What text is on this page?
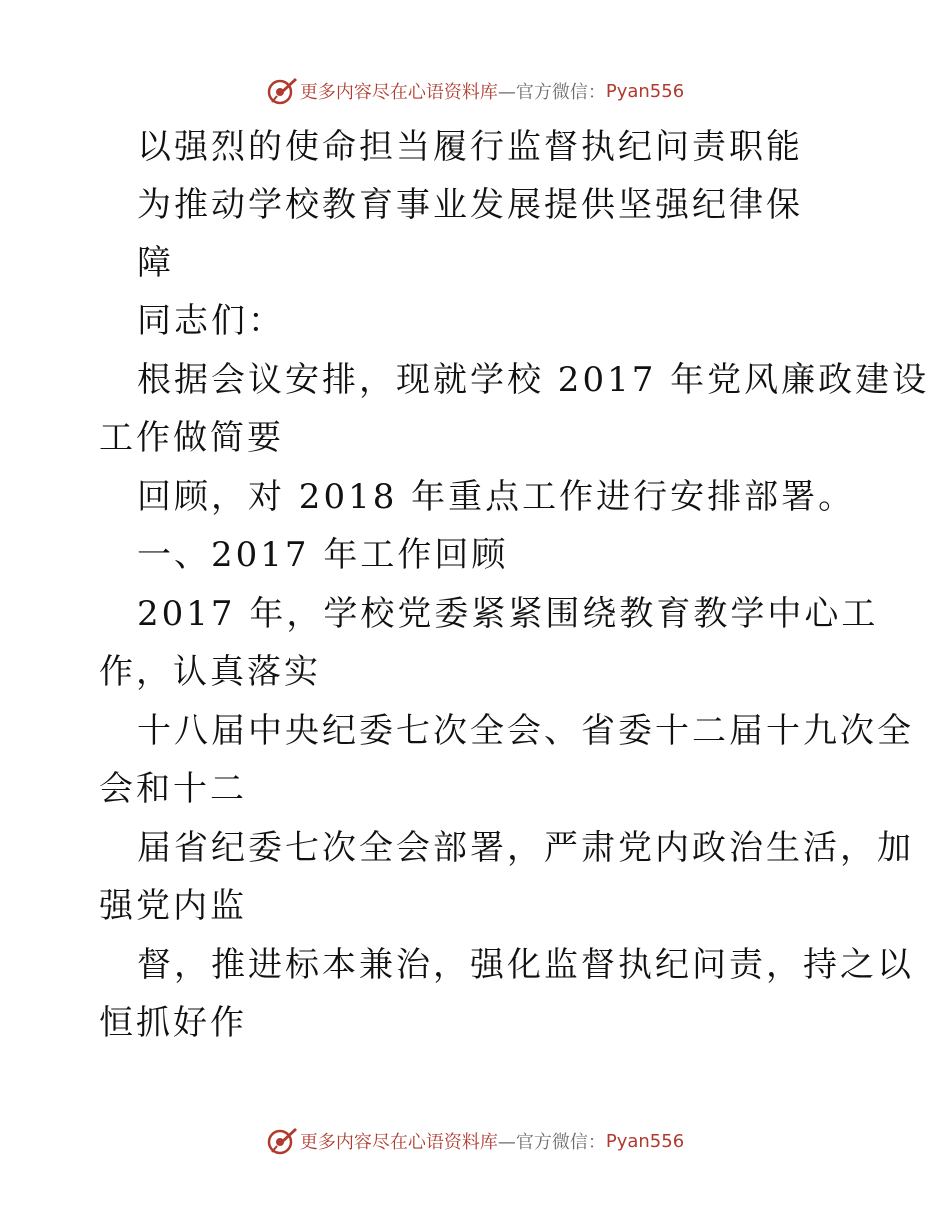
更多内容尽在心语资料库 —官方微信： Pyan556
以强烈的使命担当履行监督执纪问责职能
为推动学校教育事业发展提供坚强纪律保
障
同志们：
根据会议安排，现就学校 2017 年党风廉政建设
工作做简要
回顾，对 2018 年重点工作进行安排部署。
一、2017 年工作回顾
2017 年，学校党委紧紧围绕教育教学中心工
作，认真落实
十八届中央纪委七次全会、省委十二届十九次全
会和十二
届省纪委七次全会部署，严肃党内政治生活，加
强党内监
督，推进标本兼治，强化监督执纪问责，持之以
恒抓好作
更多内容尽在心语资料库 —官方微信： Pyan556
